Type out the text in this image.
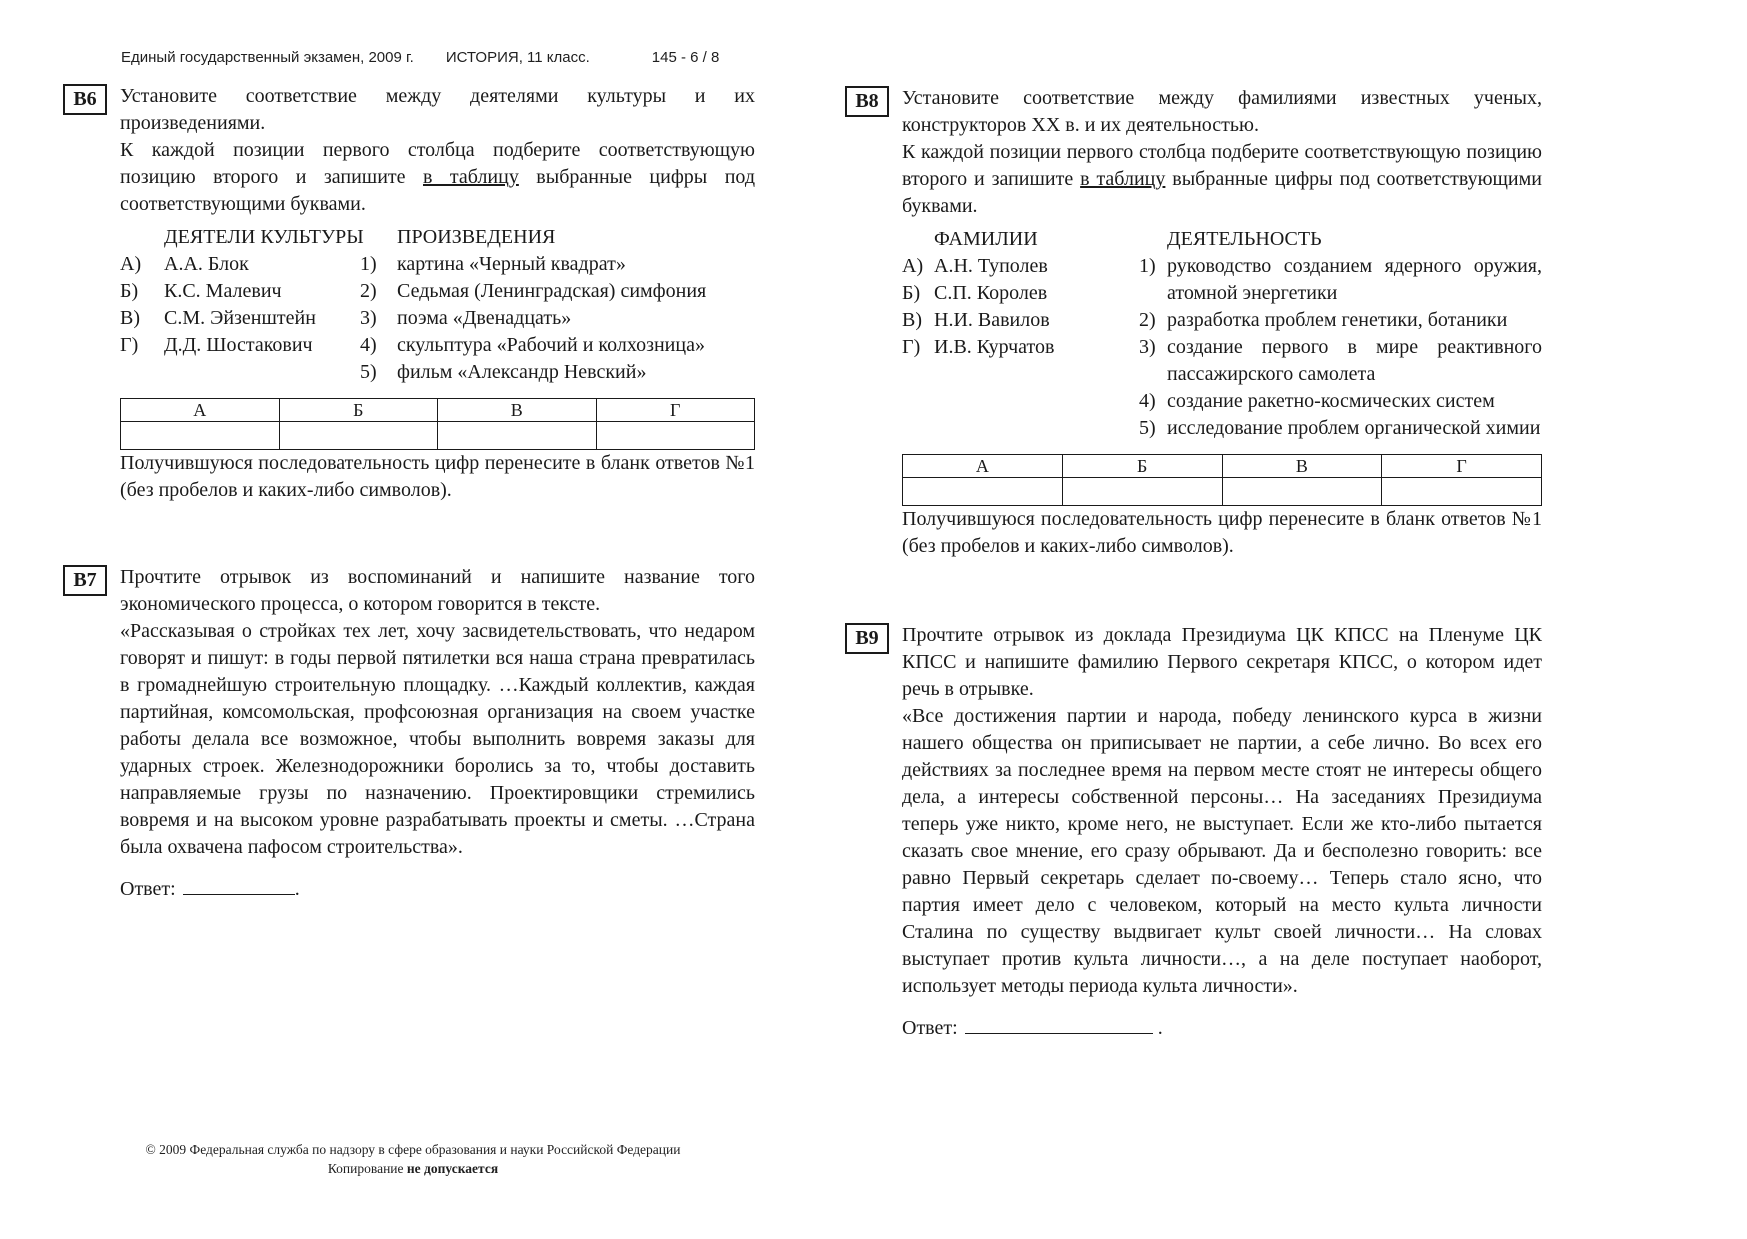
Единый государственный экзамен, 2009 г. ИСТОРИЯ, 11 класс.	145 - 6 / 8
В6	Установите соответствие между деятелями культуры и их произведениями.

К каждой позиции первого столбца подберите соответствующую позицию второго и запишите в таблицу выбранные цифры под соответствующими буквами.

ДЕЯТЕЛИ КУЛЬТУРЫ
А)	А.А. Блок
Б)	К.С. Малевич
В)	С.М. Эйзенштейн
Г)	Д.Д. Шостакович
ПРОИЗВЕДЕНИЯ
1)	картина «Черный квадрат»
2)	Седьмая (Ленинградская) симфония
3)	поэма «Двенадцать»
4)	скульптура «Рабочий и колхозница»
5)	фильм «Александр Невский»
А	Б	В	Г

Получившуюся последовательность цифр перенесите в бланк ответов №1 (без пробелов и каких-либо символов).

В7	Прочтите отрывок из воспоминаний и напишите название того экономического процесса, о котором говорится в тексте.

«Рассказывая о стройках тех лет, хочу засвидетельствовать, что недаром говорят и пишут: в годы первой пятилетки вся наша страна превратилась в громаднейшую строительную площадку. …Каждый коллектив, каждая партийная, комсомольская, профсоюзная организация на своем участке работы делала все возможное, чтобы выполнить вовремя заказы для ударных строек. Железнодорожники боролись за то, чтобы доставить направляемые грузы по назначению. Проектировщики стремились вовремя и на высоком уровне разрабатывать проекты и сметы. …Страна была охвачена пафосом строительства».

Ответ:	.
В8	Установите соответствие между фамилиями известных ученых, конструкторов XX в. и их деятельностью.

К каждой позиции первого столбца подберите соответствующую позицию второго и запишите в таблицу выбранные цифры под соответствующими буквами.

ФАМИЛИИ
А) А.Н. Туполев
Б) С.П. Королев
В) Н.И. Вавилов
Г) И.В. Курчатов
ДЕЯТЕЛЬНОСТЬ
1) руководство созданием ядерного оружия, атомной энергетики
2) разработка проблем генетики, ботаники
3) создание первого в мире реактивного пассажирского самолета
4) создание ракетно-космических систем
5) исследование проблем органической химии
А	Б	В	Г

Получившуюся последовательность цифр перенесите в бланк ответов №1 (без пробелов и каких-либо символов).

В9	Прочтите отрывок из доклада Президиума ЦК КПСС на Пленуме ЦК КПСС и напишите фамилию Первого секретаря КПСС, о котором идет речь в отрывке.

«Все достижения партии и народа, победу ленинского курса в жизни нашего общества он приписывает не партии, а себе лично. Во всех его действиях за последнее время на первом месте стоят не интересы общего дела, а интересы собственной персоны… На заседаниях Президиума теперь уже никто, кроме него, не выступает. Если же кто-либо пытается сказать свое мнение, его сразу обрывают. Да и бесполезно говорить: все равно Первый секретарь сделает по-своему… Теперь стало ясно, что партия имеет дело с человеком, который на место культа личности Сталина по существу выдвигает культ своей личности… На словах выступает против культа личности…, а на деле поступает наоборот, использует методы периода культа личности».

Ответ:	.
© 2009 Федеральная служба по надзору в сфере образования и науки Российской Федерации
Копирование не допускается
